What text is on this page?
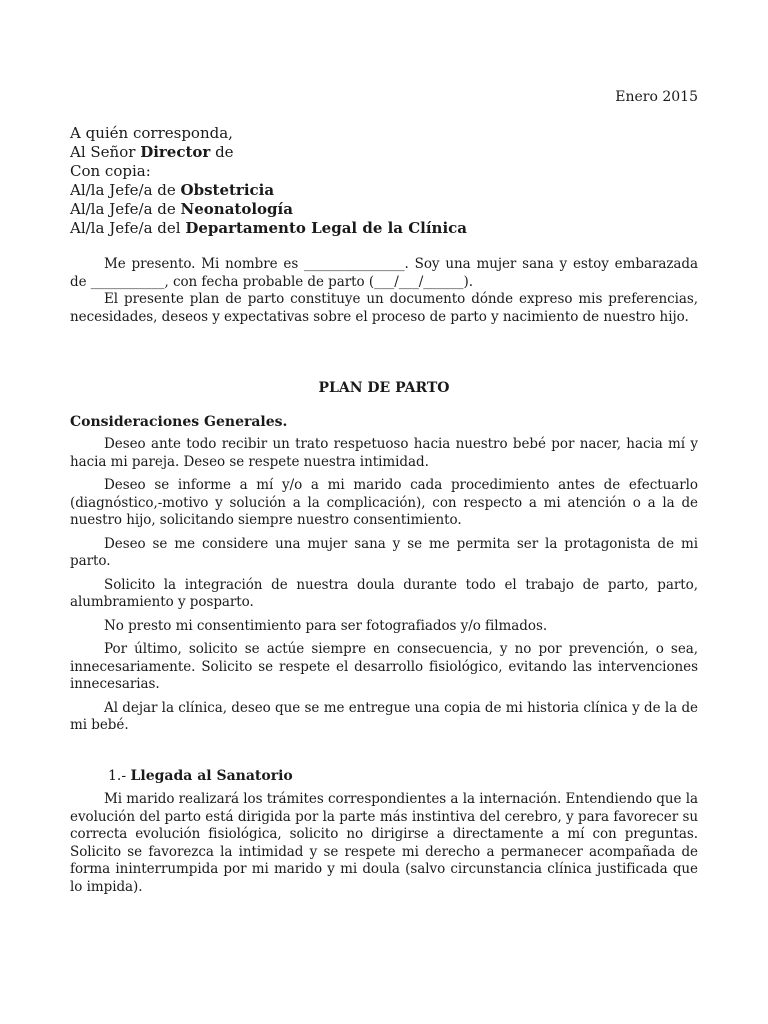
Enero 2015
A quién corresponda,
Al Señor Director de
Con copia:
Al/la Jefe/a de Obstetricia
Al/la Jefe/a de Neonatología
Al/la Jefe/a del Departamento Legal de la Clínica

Me presento. Mi nombre es _______________. Soy una mujer sana y estoy embarazada de ___________, con fecha probable de parto (___/___/______).

El presente plan de parto constituye un documento dónde expreso mis preferencias, necesidades, deseos y expectativas sobre el proceso de parto y nacimiento de nuestro hijo.

PLAN DE PARTO
Consideraciones Generales.

Deseo ante todo recibir un trato respetuoso hacia nuestro bebé por nacer, hacia mí y hacia mi pareja. Deseo se respete nuestra intimidad.

Deseo se informe a mí y/o a mi marido cada procedimiento antes de efectuarlo (diagnóstico,-motivo y solución a la complicación), con respecto a mi atención o a la de nuestro hijo, solicitando siempre nuestro consentimiento.

Deseo se me considere una mujer sana y se me permita ser la protagonista de mi parto.

Solicito la integración de nuestra doula durante todo el trabajo de parto, parto, alumbramiento y posparto.

No presto mi consentimiento para ser fotografiados y/o filmados.

Por último, solicito se actúe siempre en consecuencia, y no por prevención, o sea, innecesariamente. Solicito se respete el desarrollo fisiológico, evitando las intervenciones innecesarias.

Al dejar la clínica, deseo que se me entregue una copia de mi historia clínica y de la de mi bebé.

1.- Llegada al Sanatorio

Mi marido realizará los trámites correspondientes a la internación. Entendiendo que la evolución del parto está dirigida por la parte más instintiva del cerebro, y para favorecer su correcta evolución fisiológica, solicito no dirigirse a directamente a mí con preguntas. Solicito se favorezca la intimidad y se respete mi derecho a permanecer acompañada de forma ininterrumpida por mi marido y mi doula (salvo circunstancia clínica justificada que lo impida).
